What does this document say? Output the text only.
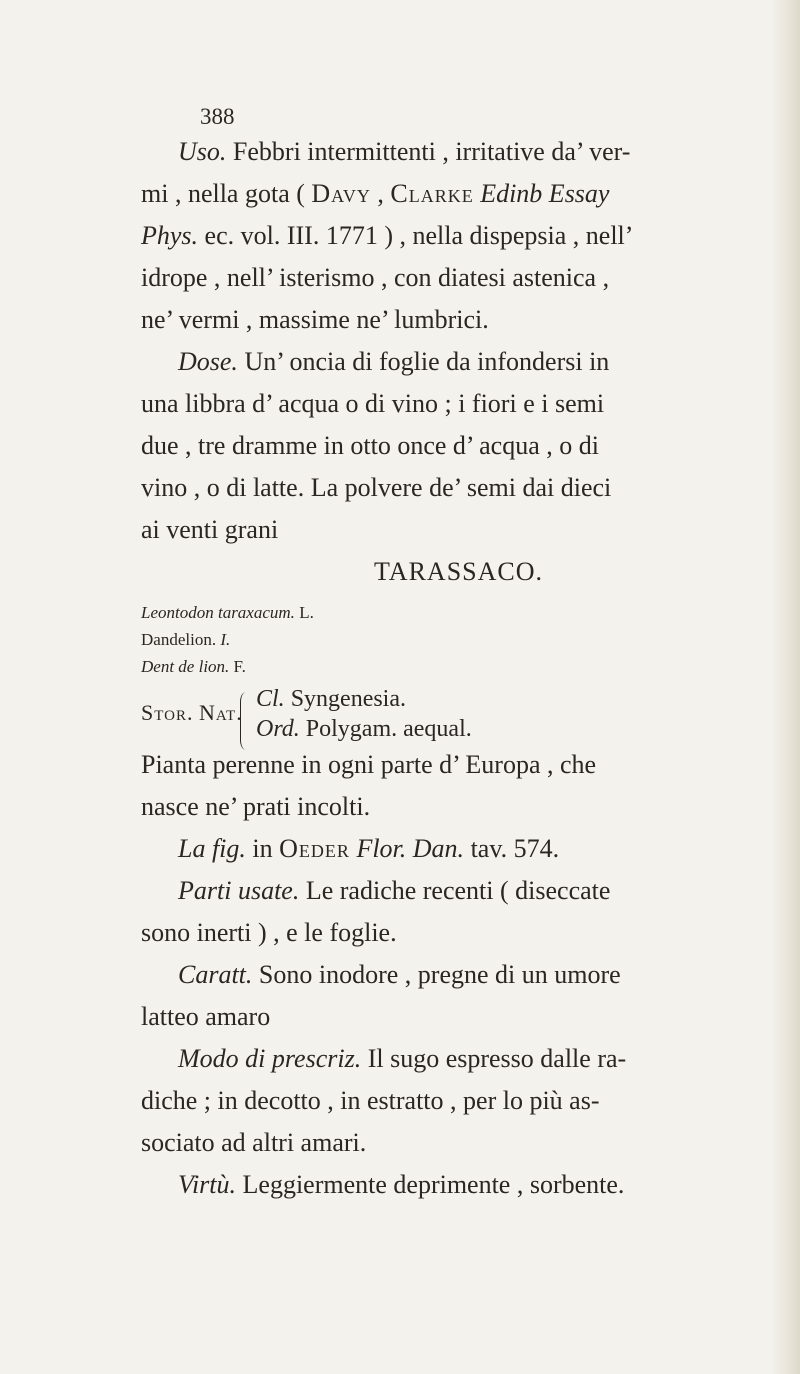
388
Uso. Febbri intermittenti , irritative da’ ver-
mi , nella gota ( Davy , Clarke Edinb Essay
Phys. ec. vol. III. 1771 ) , nella dispepsia , nell’
idrope , nell’ isterismo , con diatesi astenica ,
ne’ vermi , massime ne’ lumbrici.
Dose. Un’ oncia di foglie da infondersi in
una libbra d’ acqua o di vino ; i fiori e i semi
due , tre dramme in otto once d’ acqua , o di
vino , o di latte. La polvere de’ semi dai dieci
ai venti grani
TARASSACO.
Leontodon taraxacum. L.
Dandelion. I.
Dent de lion. F.
Stor. Nat.
Cl. Syngenesia.
Ord. Polygam. aequal.
Pianta perenne in ogni parte d’ Europa , che
nasce ne’ prati incolti.
La fig. in Oeder Flor. Dan. tav. 574.
Parti usate. Le radiche recenti ( diseccate
sono inerti ) , e le foglie.
Caratt. Sono inodore , pregne di un umore
latteo amaro
Modo di prescriz. Il sugo espresso dalle ra-
diche ; in decotto , in estratto , per lo più as-
sociato ad altri amari.
Virtù. Leggiermente deprimente , sorbente.
